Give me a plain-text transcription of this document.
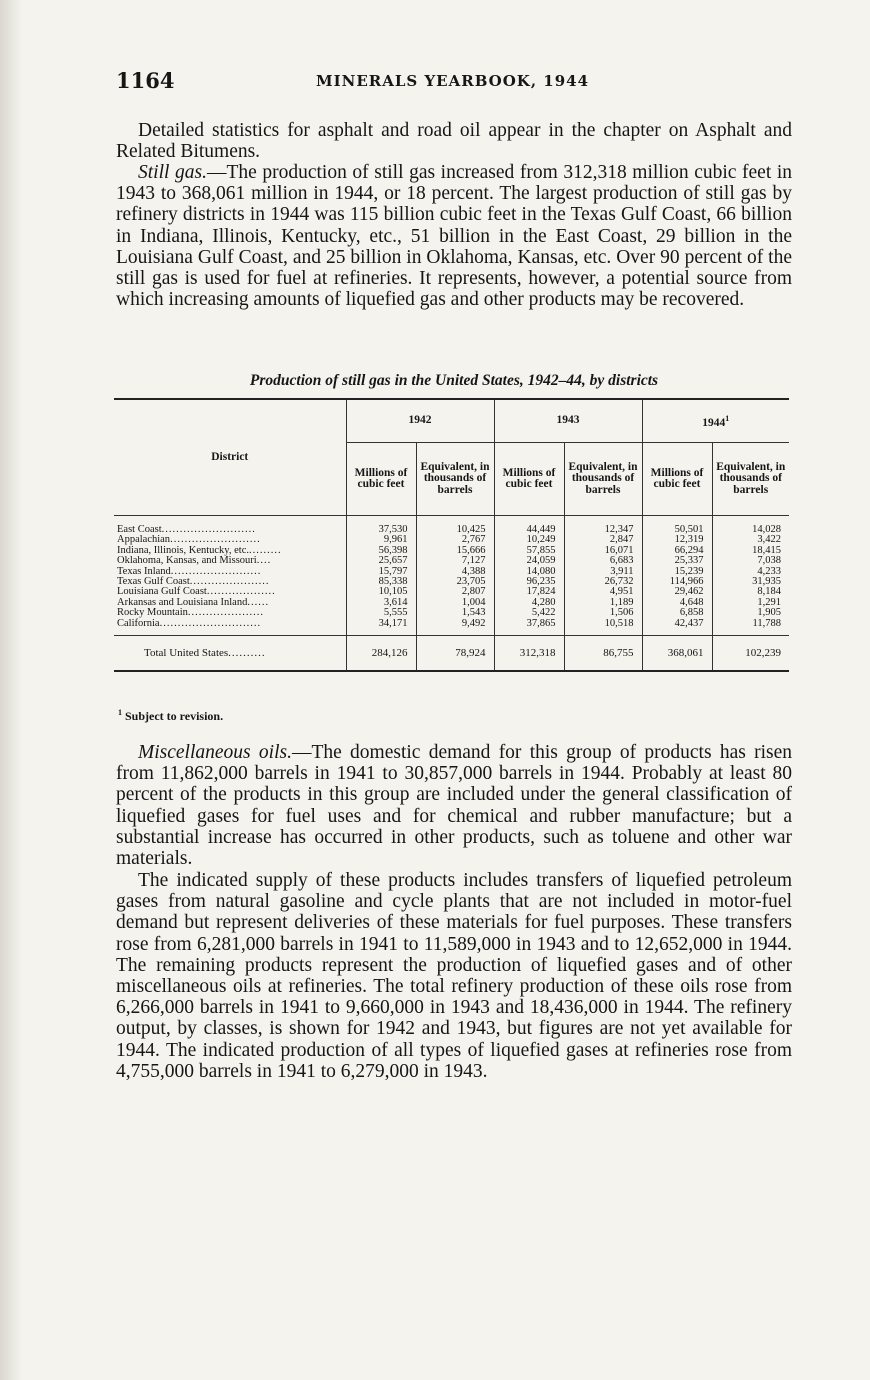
1164	MINERALS YEARBOOK, 1944

Detailed statistics for asphalt and road oil appear in the chapter on Asphalt and Related Bitumens.

Still gas.—The production of still gas increased from 312,318 million cubic feet in 1943 to 368,061 million in 1944, or 18 percent. The largest production of still gas by refinery districts in 1944 was 115 billion cubic feet in the Texas Gulf Coast, 66 billion in Indiana, Illinois, Kentucky, etc., 51 billion in the East Coast, 29 billion in the Louisiana Gulf Coast, and 25 billion in Oklahoma, Kansas, etc. Over 90 percent of the still gas is used for fuel at refineries. It represents, however, a potential source from which increasing amounts of liquefied gas and other products may be recovered.

Production of still gas in the United States, 1942–44, by districts
District	1942		1943		1944$^1$
	Millions of cubic feet	Equivalent, in thousands of barrels	Millions of cubic feet	Equivalent, in thousands of barrels	Millions of cubic feet	Equivalent, in thousands of barrels
East Coast..........................	37,530	10,425	44,449	12,347	50,501	14,028
Appalachian.........................	9,961	2,767	10,249	2,847	12,319	3,422
Indiana, Illinois, Kentucky, etc..........	56,398	15,666	57,855	16,071	66,294	18,415
Oklahoma, Kansas, and Missouri....	25,657	7,127	24,059	6,683	25,337	7,038
Texas Inland.........................	15,797	4,388	14,080	3,911	15,239	4,233
Texas Gulf Coast......................	85,338	23,705	96,235	26,732	114,966	31,935
Louisiana Gulf Coast...................	10,105	2,807	17,824	4,951	29,462	8,184
Arkansas and Louisiana Inland......	3,614	1,004	4,280	1,189	4,648	1,291
Rocky Mountain.....................	5,555	1,543	5,422	1,506	6,858	1,905
California............................	34,171	9,492	37,865	10,518	42,437	11,788
Total United States..........	284,126	78,924	312,318	86,755	368,061	102,239
$^1$ Subject to revision.

Miscellaneous oils.—The domestic demand for this group of products has risen from 11,862,000 barrels in 1941 to 30,857,000 barrels in 1944. Probably at least 80 percent of the products in this group are included under the general classification of liquefied gases for fuel uses and for chemical and rubber manufacture; but a substantial increase has occurred in other products, such as toluene and other war materials.

The indicated supply of these products includes transfers of liquefied petroleum gases from natural gasoline and cycle plants that are not included in motor-fuel demand but represent deliveries of these materials for fuel purposes. These transfers rose from 6,281,000 barrels in 1941 to 11,589,000 in 1943 and to 12,652,000 in 1944. The remaining products represent the production of liquefied gases and of other miscellaneous oils at refineries. The total refinery production of these oils rose from 6,266,000 barrels in 1941 to 9,660,000 in 1943 and 18,436,000 in 1944. The refinery output, by classes, is shown for 1942 and 1943, but figures are not yet available for 1944. The indicated production of all types of liquefied gases at refineries rose from 4,755,000 barrels in 1941 to 6,279,000 in 1943.
